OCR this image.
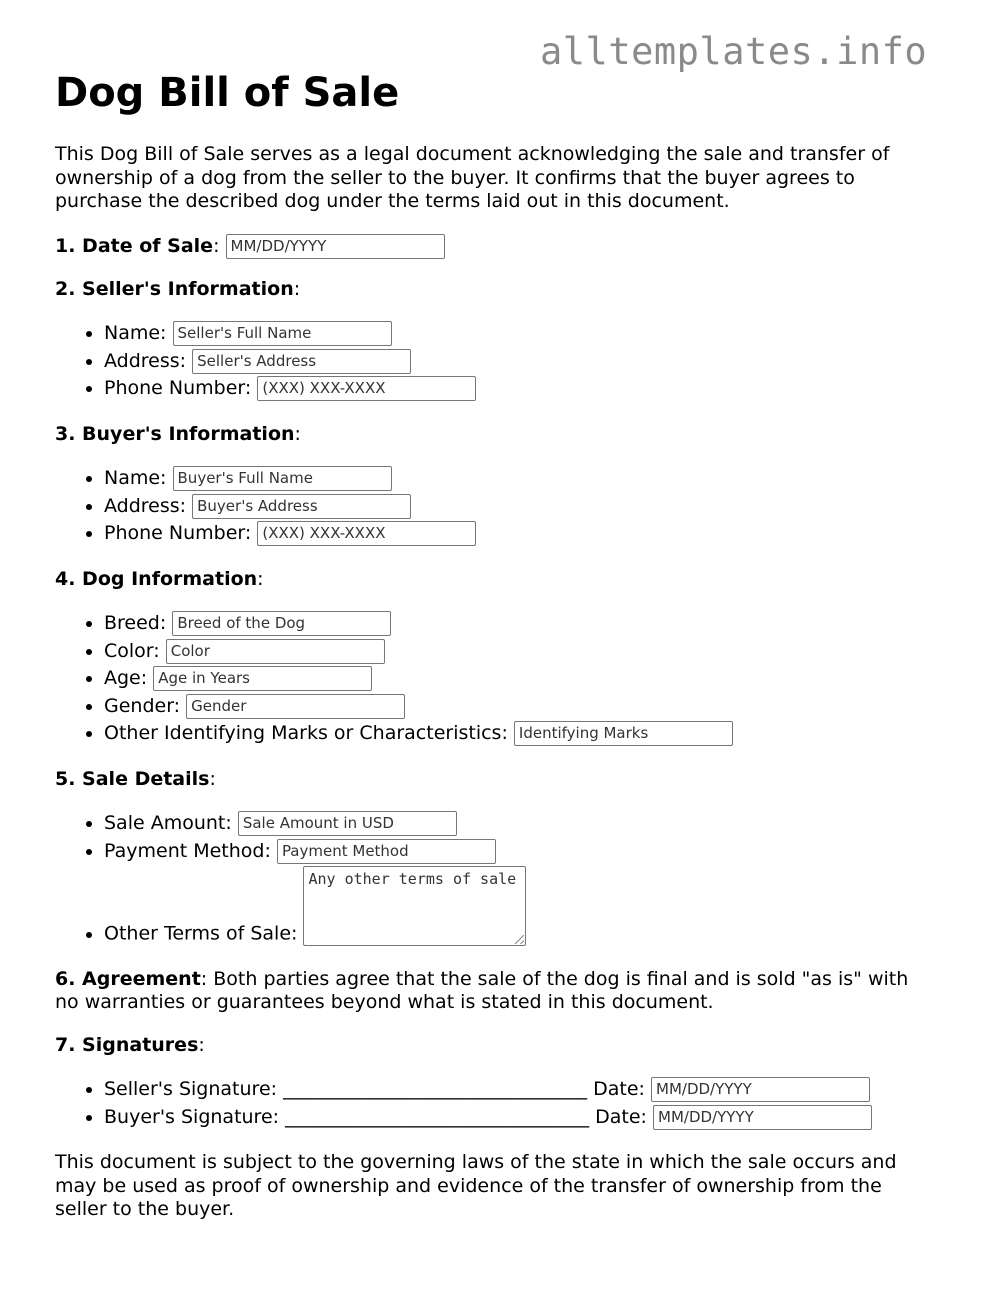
alltemplates.info
Dog Bill of Sale

This Dog Bill of Sale serves as a legal document acknowledging the sale and transfer of ownership of a dog from the seller to the buyer. It confirms that the buyer agrees to purchase the described dog under the terms laid out in this document.

1. Date of Sale: MM/DD/YYYY

2. Seller's Information:

• Name: Seller's Full Name
• Address: Seller's Address
• Phone Number: (XXX) XXX-XXXX

3. Buyer's Information:

• Name: Buyer's Full Name
• Address: Buyer's Address
• Phone Number: (XXX) XXX-XXXX

4. Dog Information:

• Breed: Breed of the Dog
• Color: Color
• Age: Age in Years
• Gender: Gender
• Other Identifying Marks or Characteristics: Identifying Marks

5. Sale Details:

• Sale Amount: Sale Amount in USD
• Payment Method: Payment Method
• Other Terms of Sale: Any other terms of sale

6. Agreement: Both parties agree that the sale of the dog is final and is sold "as is" with no warranties or guarantees beyond what is stated in this document.

7. Signatures:

• Seller's Signature: ________________________________ Date: MM/DD/YYYY
• Buyer's Signature: ________________________________ Date: MM/DD/YYYY

This document is subject to the governing laws of the state in which the sale occurs and may be used as proof of ownership and evidence of the transfer of ownership from the seller to the buyer.
